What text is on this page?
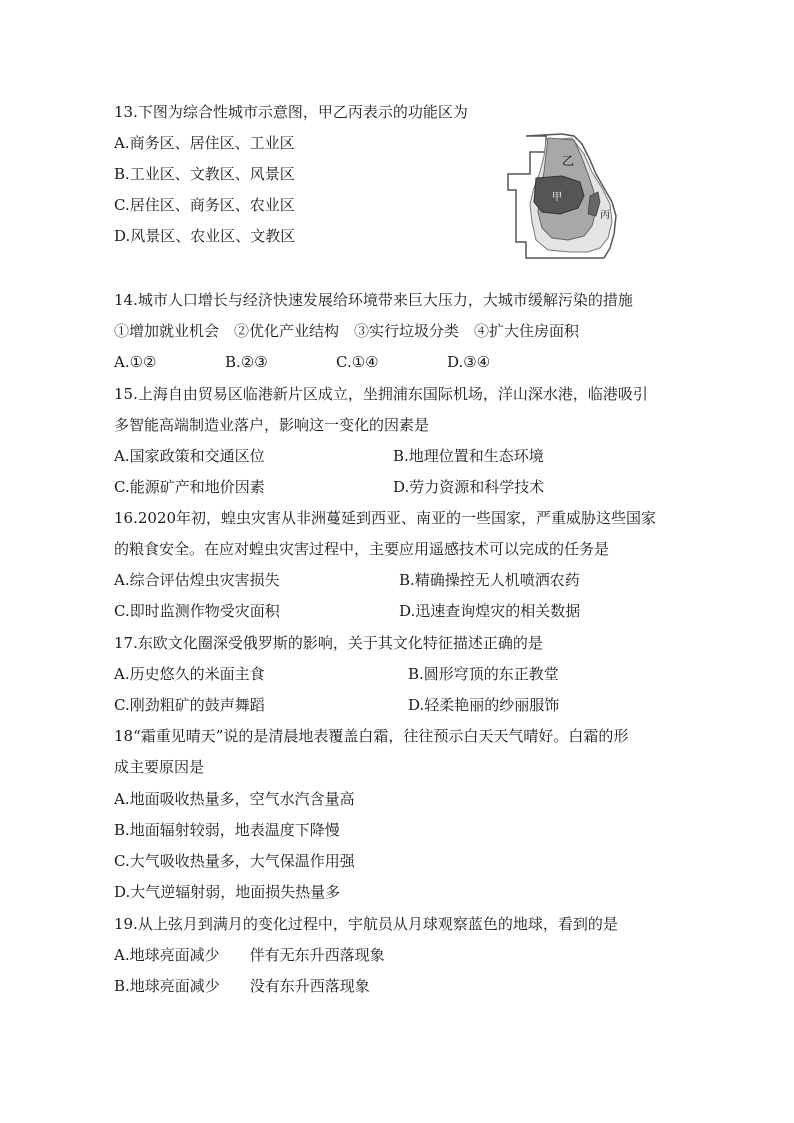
13.下图为综合性城市示意图，甲乙丙表示的功能区为
A.商务区、居住区、工业区
B.工业区、文教区、风景区
C.居住区、商务区、农业区
D.风景区、农业区、文教区
乙
甲
丙
14.城市人口增长与经济快速发展给环境带来巨大压力，大城市缓解污染的措施
①增加就业机会　②优化产业结构　③实行垃圾分类　④扩大住房面积
A.①②	B.②③	C.①④	D.③④
15.上海自由贸易区临港新片区成立，坐拥浦东国际机场，洋山深水港，临港吸引
多智能高端制造业落户，影响这一变化的因素是
A.国家政策和交通区位	B.地理位置和生态环境
C.能源矿产和地价因素	D.劳力资源和科学技术
16.2020年初，蝗虫灾害从非洲蔓延到西亚、南亚的一些国家，严重威胁这些国家
的粮食安全。在应对蝗虫灾害过程中，主要应用遥感技术可以完成的任务是
A.综合评估煌虫灾害损失	B.精确操控无人机喷洒农药
C.即时监测作物受灾面积	D.迅速查询煌灾的相关数据
17.东欧文化圈深受俄罗斯的影响，关于其文化特征描述正确的是
A.历史悠久的米面主食	B.圆形穹顶的东正教堂
C.刚劲粗矿的鼓声舞蹈	D.轻柔艳丽的纱丽服饰
18“霜重见晴天”说的是清晨地表覆盖白霜，往往预示白天天气晴好。白霜的形
成主要原因是
A.地面吸收热量多，空气水汽含量高
B.地面辐射较弱，地表温度下降慢
C.大气吸收热量多，大气保温作用强
D.大气逆辐射弱，地面损失热量多
19.从上弦月到满月的变化过程中，宇航员从月球观察蓝色的地球，看到的是
A.地球亮面减少　　伴有无东升西落现象
B.地球亮面减少　　没有东升西落现象
